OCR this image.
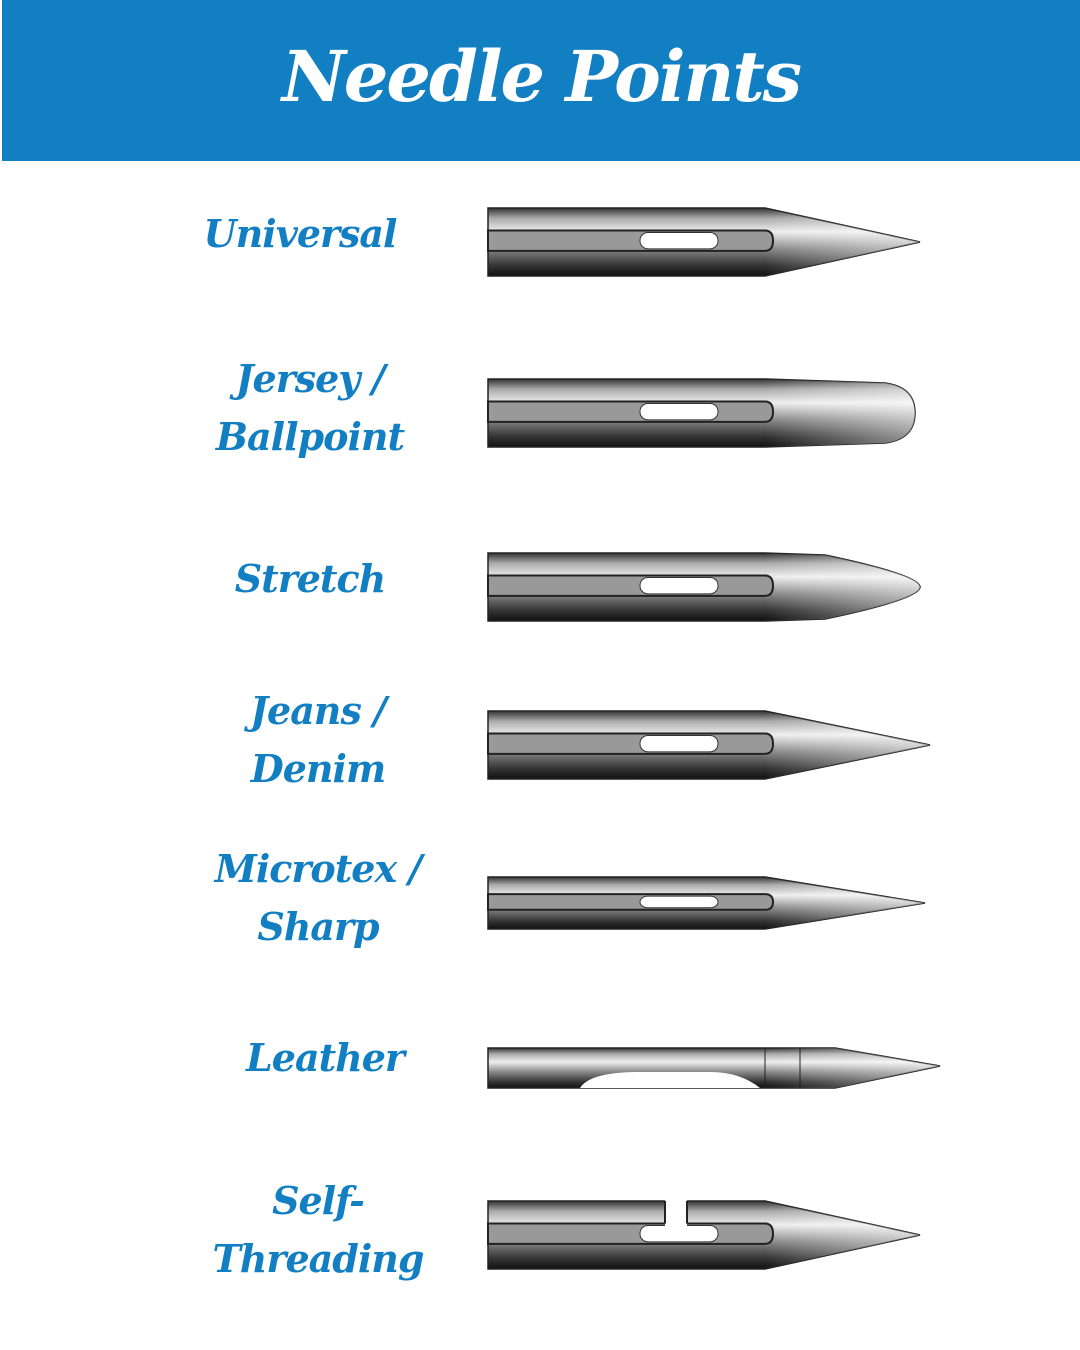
Needle Points
Universal
Jersey /
Ballpoint
Stretch
Jeans /
Denim
Microtex /
Sharp
Leather
Self-
Threading
